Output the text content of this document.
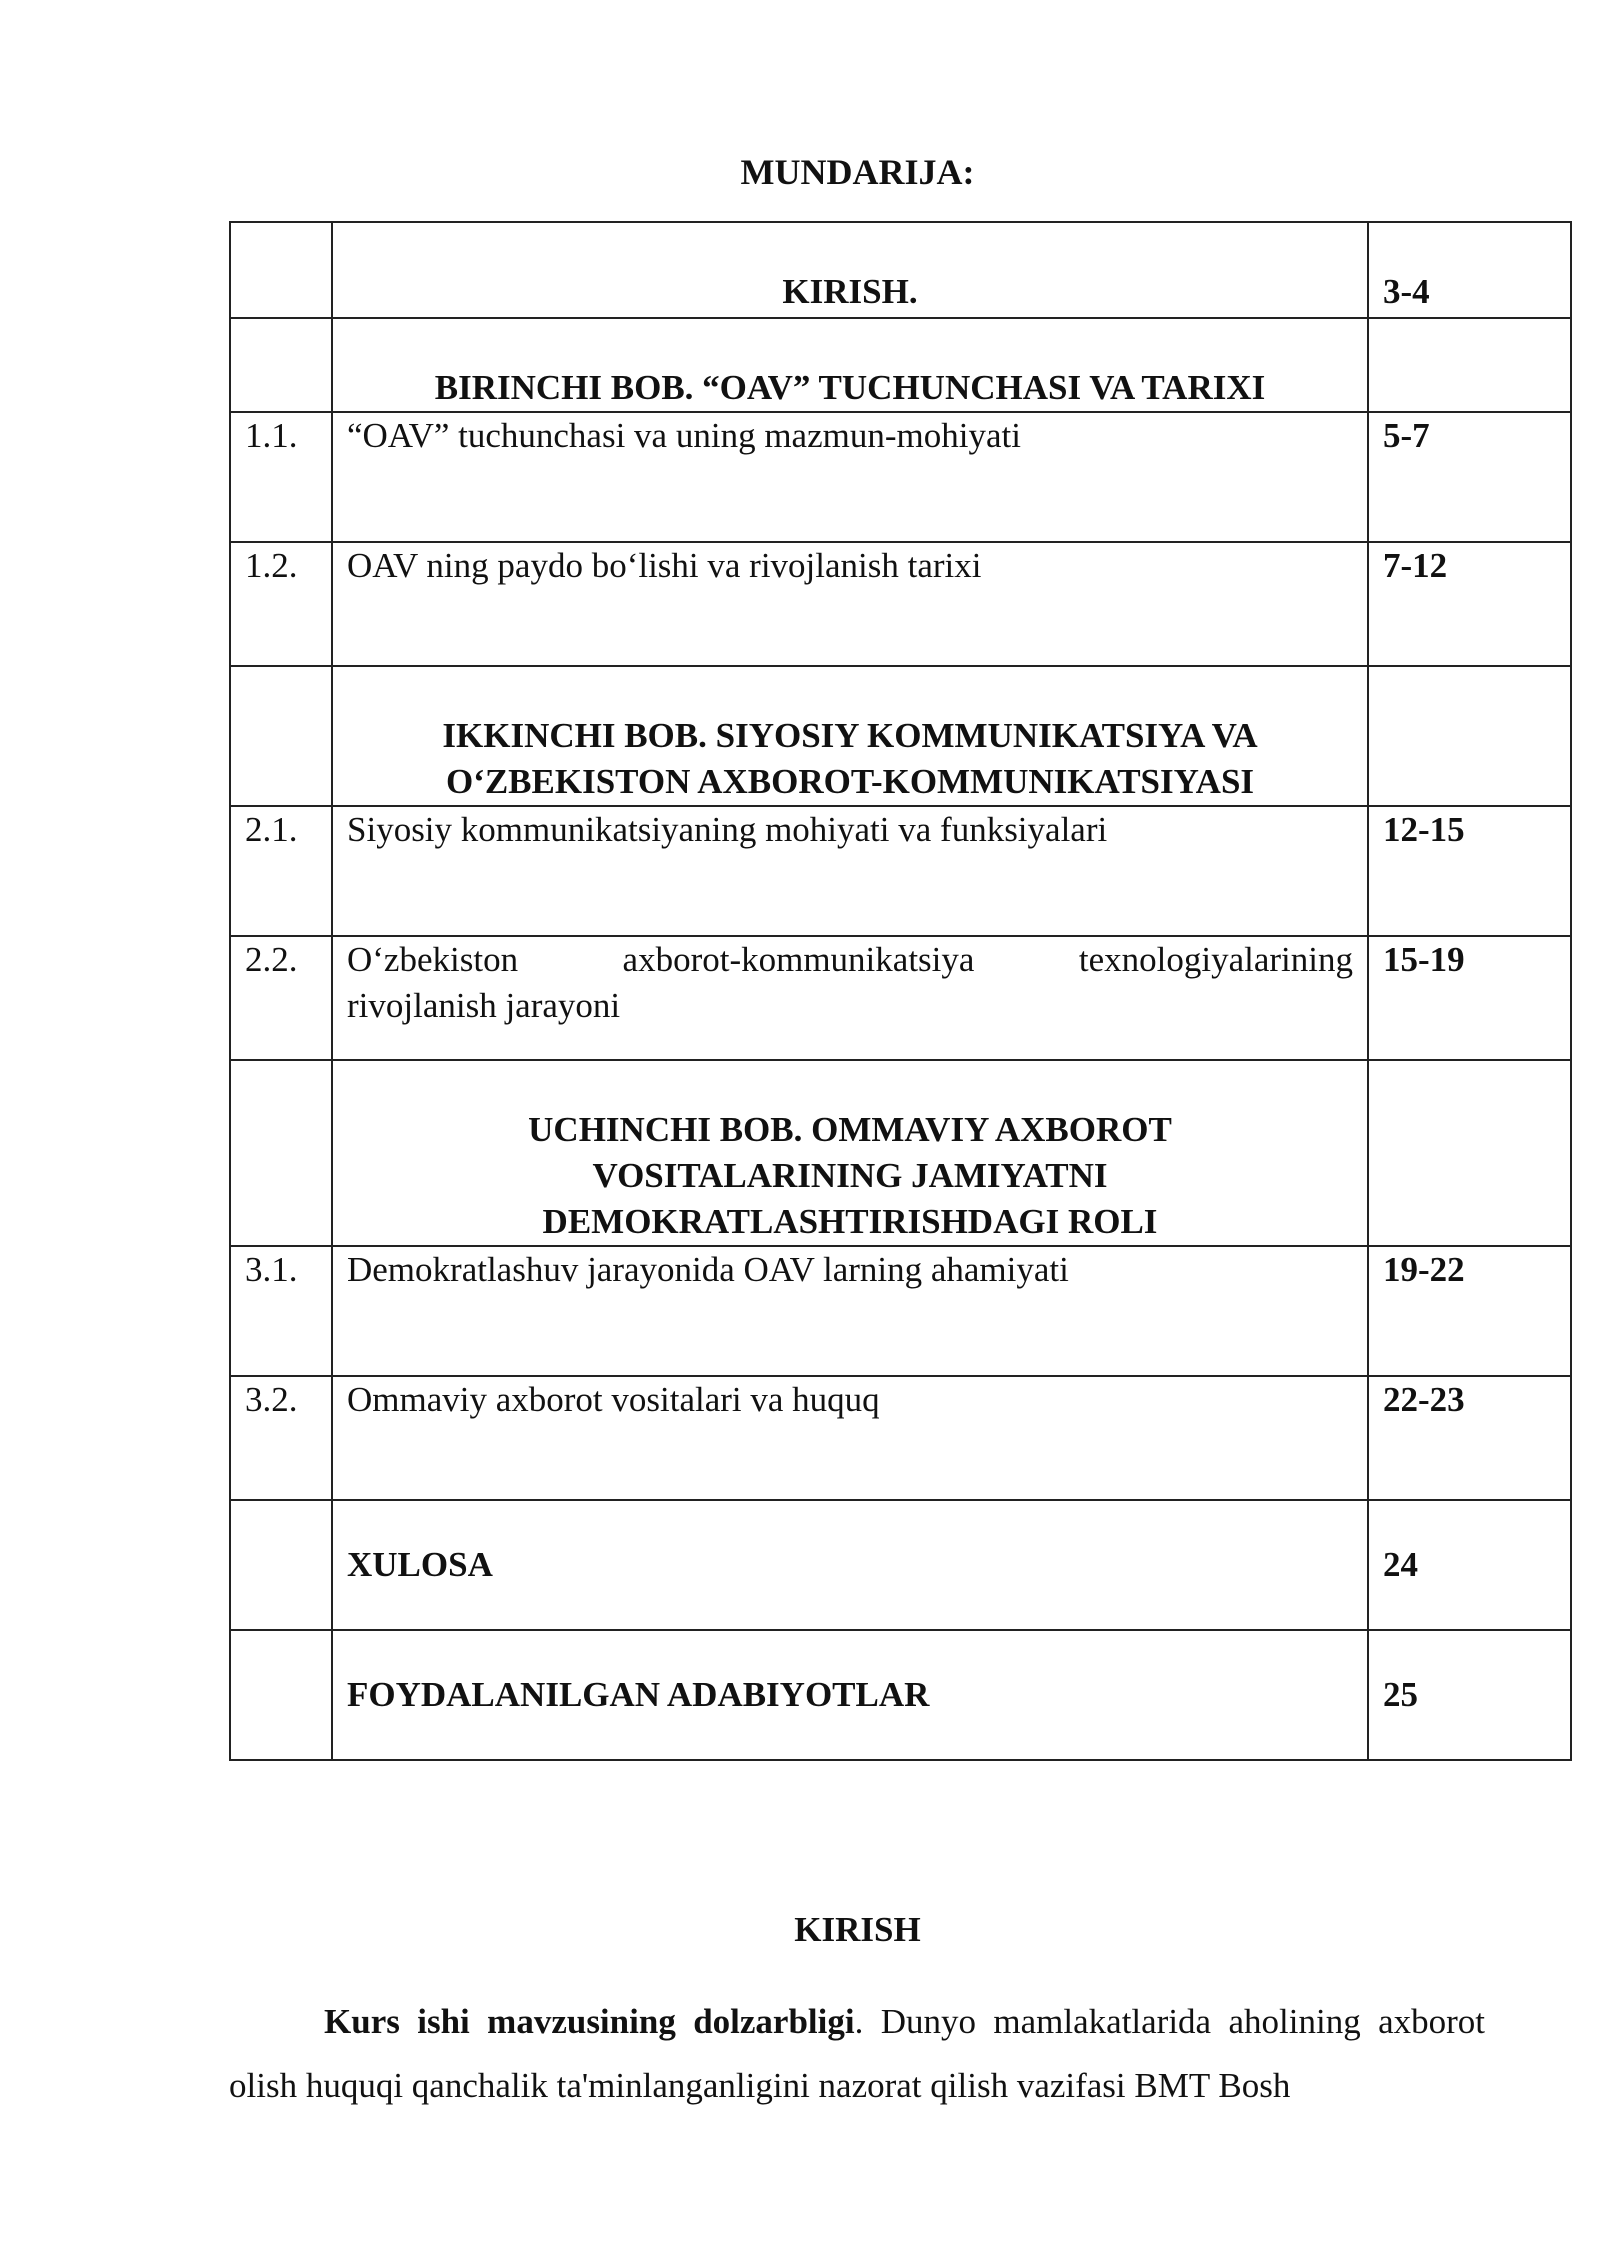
MUNDARIJA:
	KIRISH.	3-4
	BIRINCHI BOB. “OAV” TUCHUNCHASI VA TARIXI	
1.1.	“OAV” tuchunchasi va uning mazmun-mohiyati	5-7
1.2.	OAV ning paydo bo‘lishi va rivojlanish tarixi	7-12

	IKKINCHI BOB. SIYOSIY KOMMUNIKATSIYA VA
O‘ZBEKISTON AXBOROT-KOMMUNIKATSIYASI	

2.1.	Siyosiy kommunikatsiyaning mohiyati va funksiyalari	12-15
2.2.	O‘zbekiston axborot-kommunikatsiya texnologiyalarining
rivojlanish jarayoni	15-19

	UCHINCHI BOB. OMMAVIY AXBOROT
VOSITALARINING JAMIYATNI
DEMOKRATLASHTIRISHDAGI ROLI	

3.1.	Demokratlashuv jarayonida OAV larning ahamiyati	19-22
3.2.	Ommaviy axborot vositalari va huquq	22-23
	XULOSA	24
	FOYDALANILGAN ADABIYOTLAR	25
KIRISH
Kurs ishi mavzusining dolzarbligi. Dunyo mamlakatlarida aholining axborot olish huquqi qanchalik ta'minlanganligini nazorat qilish vazifasi BMT Bosh
